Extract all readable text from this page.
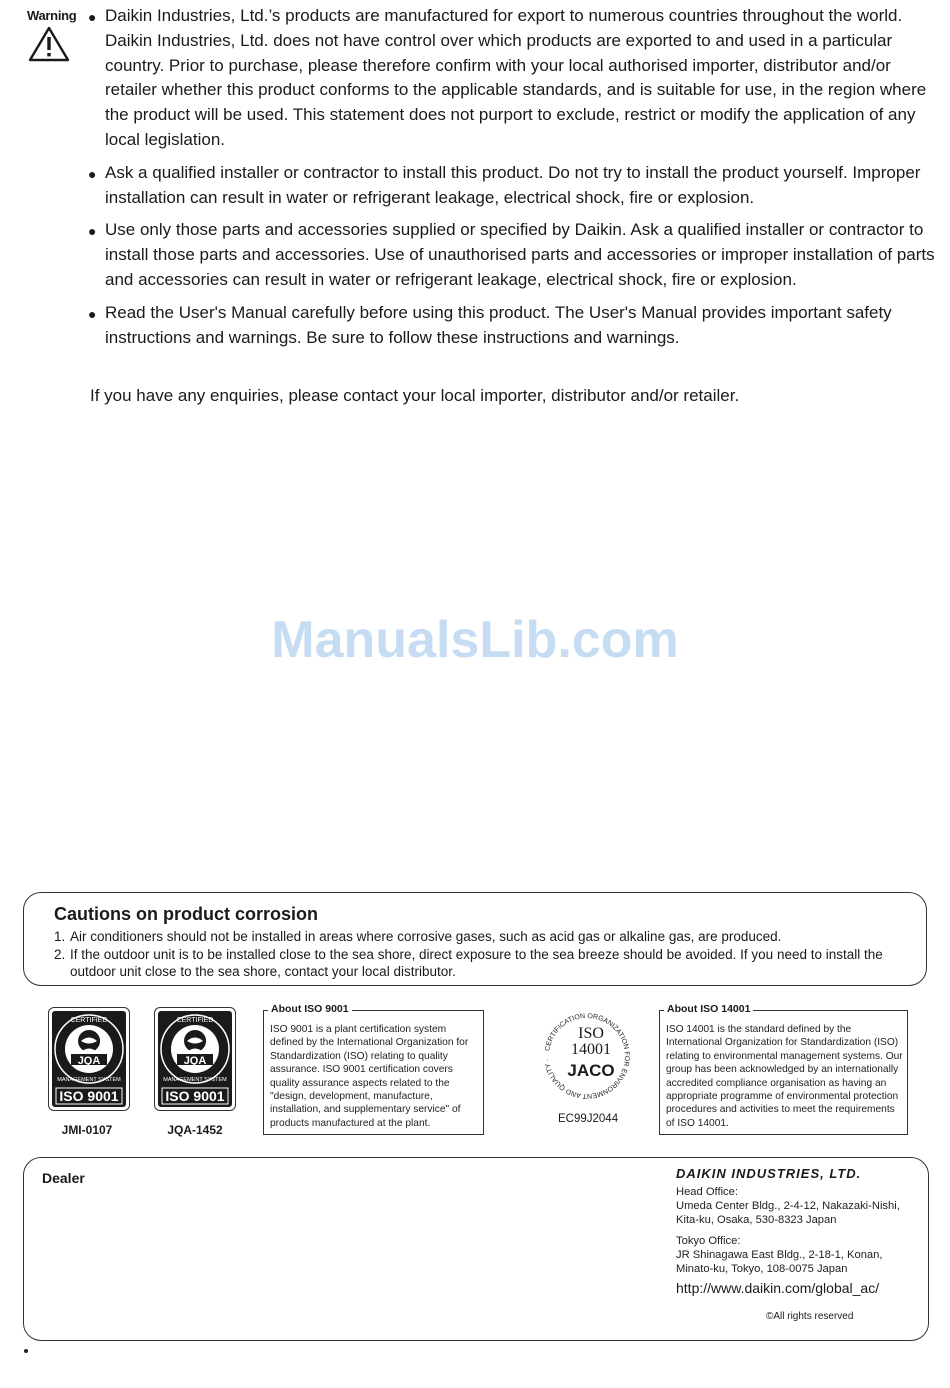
Warning ● Daikin Industries, Ltd.’s products are manufactured for export to numerous countries throughout the world. Daikin Industries, Ltd. does not have control over which products are exported to and used in a particular country. Prior to purchase, please therefore confirm with your local authorised importer, distributor and/or retailer whether this product conforms to the applicable standards, and is suitable for use, in the region where the product will be used. This statement does not purport to exclude, restrict or modify the application of any local legislation.
● Ask a qualified installer or contractor to install this product. Do not try to install the product yourself. Improper installation can result in water or refrigerant leakage, electrical shock, fire or explosion.
● Use only those parts and accessories supplied or specified by Daikin. Ask a qualified installer or contractor to install those parts and accessories. Use of unauthorised parts and accessories or improper installation of parts and accessories can result in water or refrigerant leakage, electrical shock, fire or explosion.
● Read the User's Manual carefully before using this product. The User's Manual provides important safety instructions and warnings. Be sure to follow these instructions and warnings.
If you have any enquiries, please contact your local importer, distributor and/or retailer.
ManualsLib.com
Cautions on product corrosion
1. Air conditioners should not be installed in areas where corrosive gases, such as acid gas or alkaline gas, are produced.
2. If the outdoor unit is to be installed close to the sea shore, direct exposure to the sea breeze should be avoided. If you need to install the outdoor unit close to the sea shore, contact your local distributor.
JQA
CERTIFIED
MANAGEMENT SYSTEM
ISO 9001
JMI-0107
JQA
CERTIFIED
MANAGEMENT SYSTEM
ISO 9001
JQA-1452
About ISO 9001
ISO 9001 is a plant certification system defined by the International Organization for Standardization (ISO) relating to quality assurance. ISO 9001 certification covers quality assurance aspects related to the "design, development, manufacture, installation, and supplementary service" of products manufactured at the plant.
CERTIFICATION ORGANIZATION FOR ENVIRONMENT AND QUALITY ·
ISO
14001
JACO
EC99J2044
About ISO 14001
ISO 14001 is the standard defined by the International Organization for Standardization (ISO) relating to environmental management systems. Our group has been acknowledged by an internationally accredited compliance organisation as having an appropriate programme of environmental protection procedures and activities to meet the requirements of ISO 14001.
Dealer	DAIKIN INDUSTRIES, LTD.
Head Office:
Umeda Center Bldg., 2-4-12, Nakazaki-Nishi,
Kita-ku, Osaka, 530-8323 Japan
Tokyo Office:
JR Shinagawa East Bldg., 2-18-1, Konan,
Minato-ku, Tokyo, 108-0075 Japan
http://www.daikin.com/global_ac/
©All rights reserved
